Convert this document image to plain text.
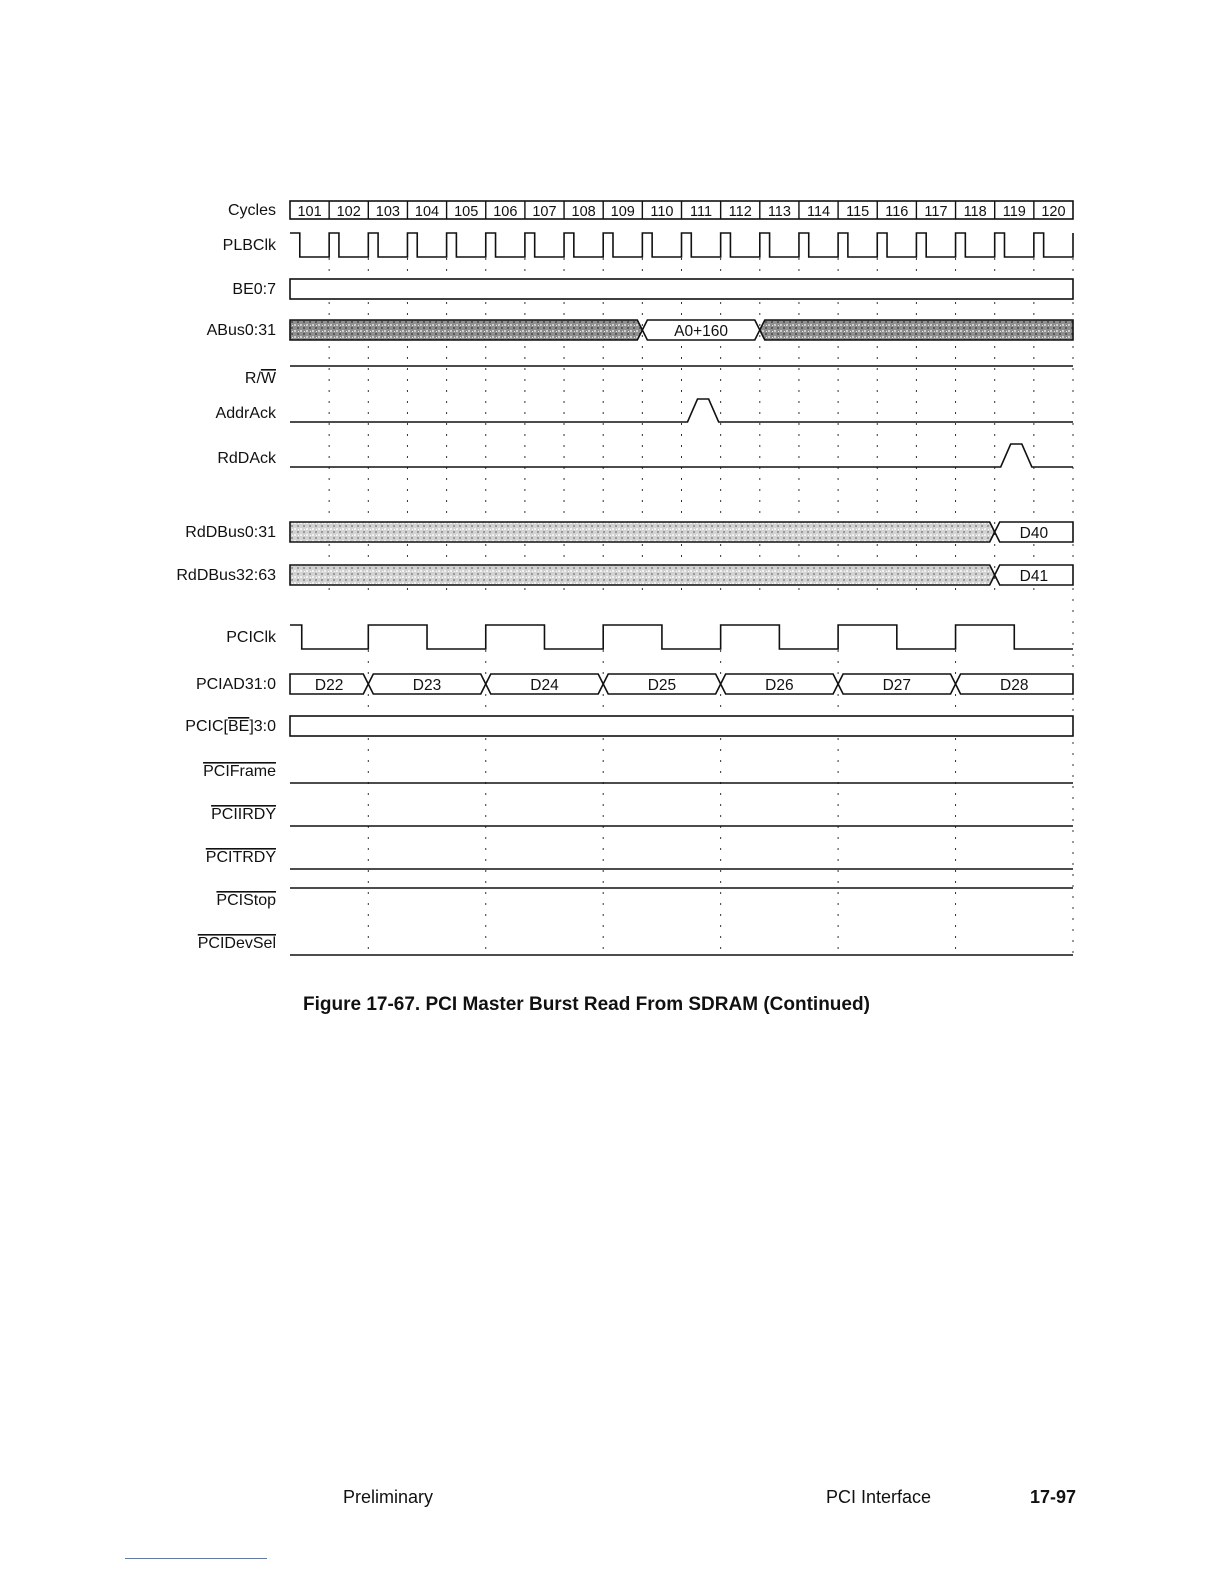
101 102 103 104 105 106 107 108 109 110 111 112 113 114 115 116 117 118 119 120
A0+160
D40
D41
D22	D23	D24	D25	D26	D27	D28
Cycles
PLBClk
BE0:7
ABus0:31
R/W
AddrAck
RdDAck
RdDBus0:31
RdDBus32:63
PCIClk
PCIAD31:0
PCIC[BE]3:0
PCIFrame
PCIIRDY
PCITRDY
PCIStop
PCIDevSel
Figure 17-67. PCI Master Burst Read From SDRAM (Continued)
Preliminary	PCI Interface	17-97
